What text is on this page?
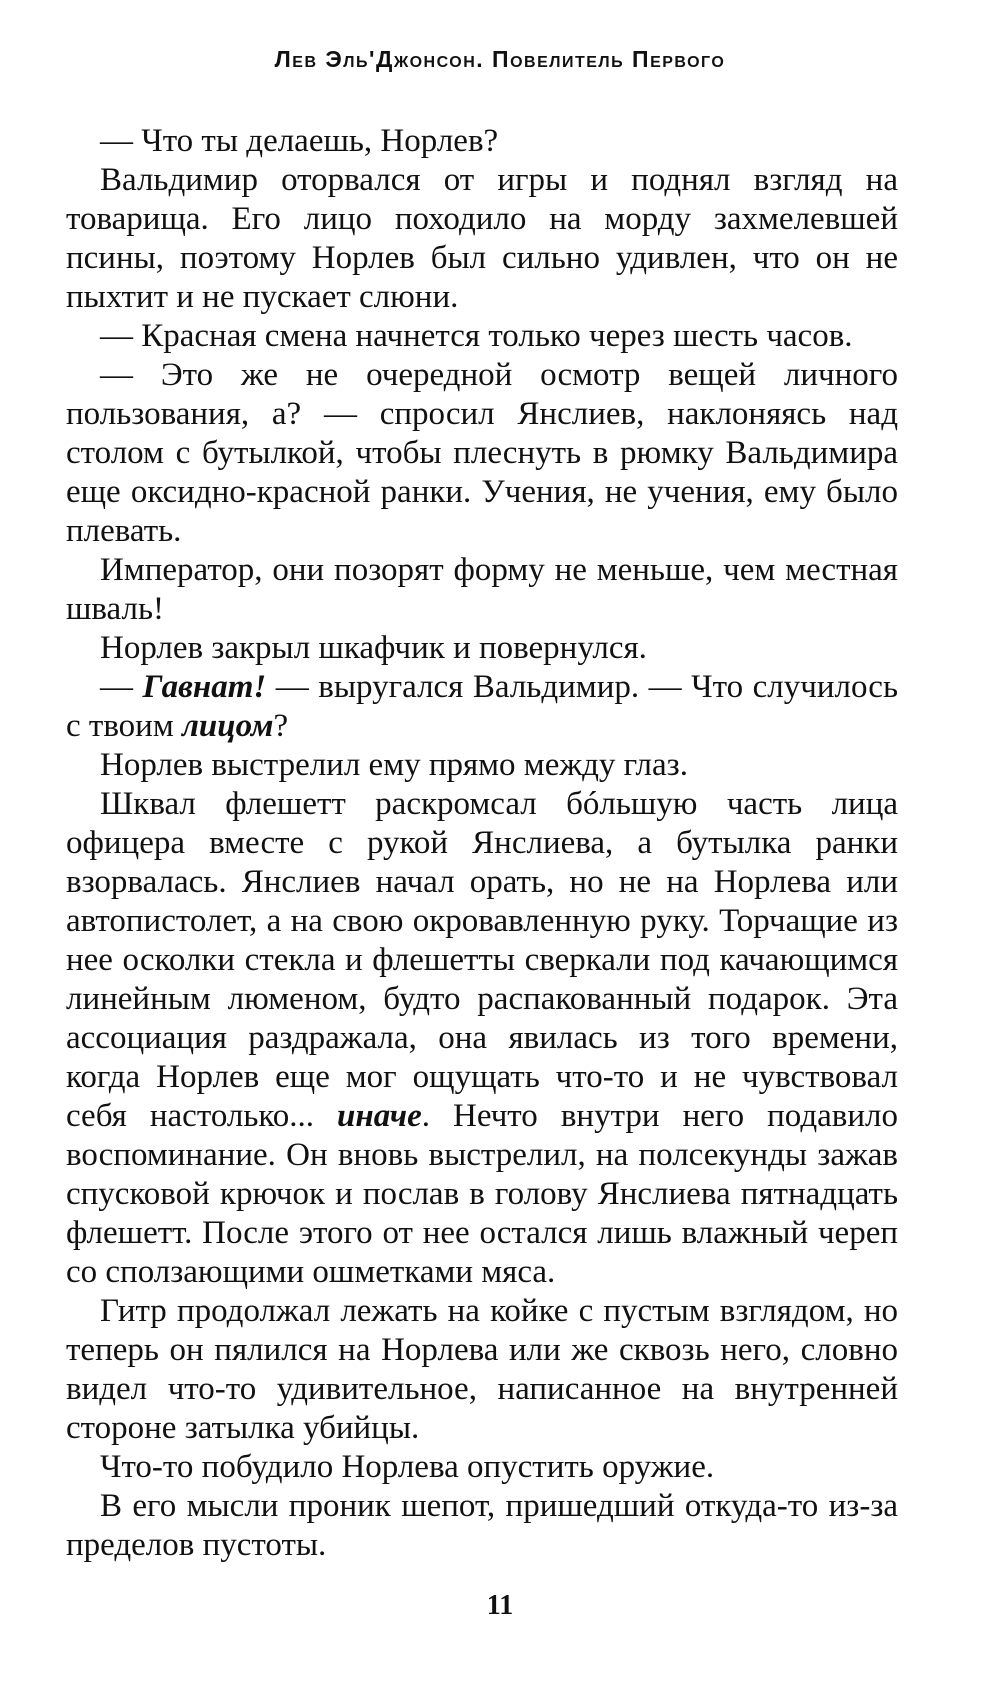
Лев Эль'Джонсон. Повелитель Первого

— Что ты делаешь, Норлев?

Вальдимир оторвался от игры и поднял взгляд на товарища. Его лицо походило на морду захмелевшей псины, поэтому Норлев был сильно удивлен, что он не пыхтит и не пускает слюни.

— Красная смена начнется только через шесть часов.

— Это же не очередной осмотр вещей личного пользования, а? — спросил Янслиев, наклоняясь над столом с бутылкой, чтобы плеснуть в рюмку Вальдимира еще оксидно-красной ранки. Учения, не учения, ему было плевать.

Император, они позорят форму не меньше, чем местная шваль!

Норлев закрыл шкафчик и повернулся.

— Гавнат! — выругался Вальдимир. — Что случилось с твоим лицом?

Норлев выстрелил ему прямо между глаз.

Шквал флешетт раскромсал бóльшую часть лица офицера вместе с рукой Янслиева, а бутылка ранки взорвалась. Янслиев начал орать, но не на Норлева или автопистолет, а на свою окровавленную руку. Торчащие из нее осколки стекла и флешетты сверкали под качающимся линейным люменом, будто распакованный подарок. Эта ассоциация раздражала, она явилась из того времени, когда Норлев еще мог ощущать что-то и не чувствовал себя настолько... иначе. Нечто внутри него подавило воспоминание. Он вновь выстрелил, на полсекунды зажав спусковой крючок и послав в голову Янслиева пятнадцать флешетт. После этого от нее остался лишь влажный череп со сползающими ошметками мяса.

Гитр продолжал лежать на койке с пустым взглядом, но теперь он пялился на Норлева или же сквозь него, словно видел что-то удивительное, написанное на внутренней стороне затылка убийцы.

Что-то побудило Норлева опустить оружие.

В его мысли проник шепот, пришедший откуда-то из-за пределов пустоты.

11
